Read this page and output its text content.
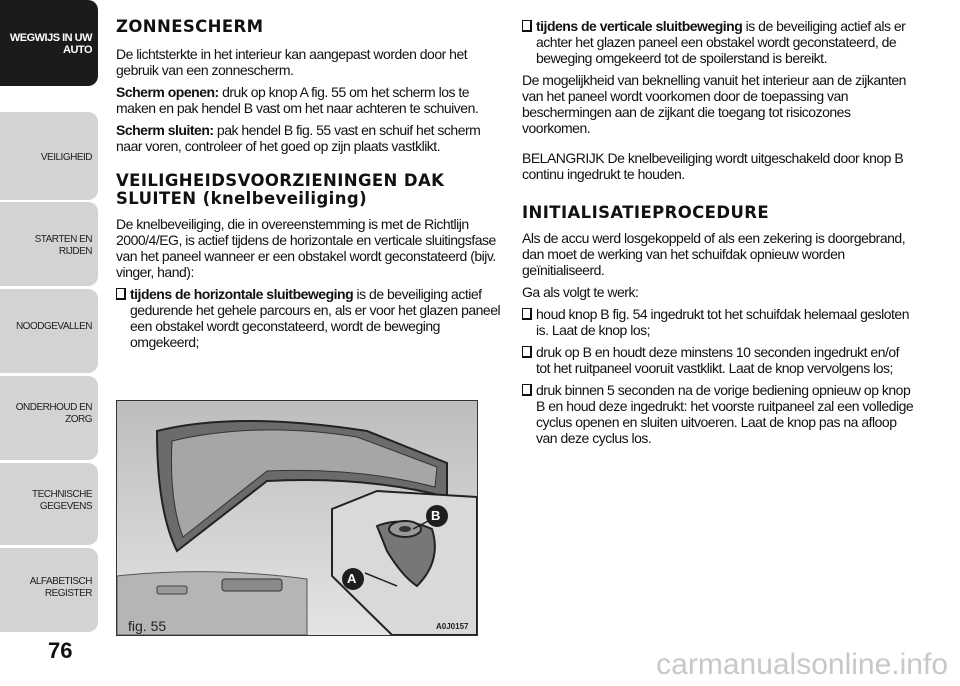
WEGWIJS IN UW AUTO
VEILIGHEID
STARTEN EN RIJDEN
NOODGEVALLEN
ONDERHOUD EN ZORG
TECHNISCHE GEGEVENS
ALFABETISCH REGISTER
76
ZONNESCHERM

De lichtsterkte in het interieur kan aangepast worden door het gebruik van een zonnescherm.

Scherm openen: druk op knop A fig. 55 om het scherm los te maken en pak hendel B vast om het naar achteren te schuiven.

Scherm sluiten: pak hendel B fig. 55 vast en schuif het scherm naar voren, controleer of het goed op zijn plaats vastklikt.

VEILIGHEIDSVOORZIENINGEN DAK SLUITEN (knelbeveiliging)

De knelbeveiliging, die in overeenstemming is met de Richtlijn 2000/4/EG, is actief tijdens de horizontale en verticale sluitingsfase van het paneel wanneer er een obstakel wordt geconstateerd (bijv. vinger, hand):

tijdens de horizontale sluitbeweging is de beveiliging actief gedurende het gehele parcours en, als er voor het glazen paneel een obstakel wordt geconstateerd, wordt de beweging omgekeerd;

A
B
fig. 55	A0J0157

tijdens de verticale sluitbeweging is de beveiliging actief als er achter het glazen paneel een obstakel wordt geconstateerd, de beweging omgekeerd tot de spoilerstand is bereikt.

De mogelijkheid van beknelling vanuit het interieur aan de zijkanten van het paneel wordt voorkomen door de toepassing van beschermingen aan de zijkant die toegang tot risicozones voorkomen.

BELANGRIJK De knelbeveiliging wordt uitgeschakeld door knop B continu ingedrukt te houden.

INITIALISATIEPROCEDURE

Als de accu werd losgekoppeld of als een zekering is doorgebrand, dan moet de werking van het schuifdak opnieuw worden geïnitialiseerd.

Ga als volgt te werk:

houd knop B fig. 54 ingedrukt tot het schuifdak helemaal gesloten is. Laat de knop los;

druk op B en houdt deze minstens 10 seconden ingedrukt en/of tot het ruitpaneel vooruit vastklikt. Laat de knop vervolgens los;

druk binnen 5 seconden na de vorige bediening opnieuw op knop B en houd deze ingedrukt: het voorste ruitpaneel zal een volledige cyclus openen en sluiten uitvoeren. Laat de knop pas na afloop van deze cyclus los.

carmanualsonline.info
